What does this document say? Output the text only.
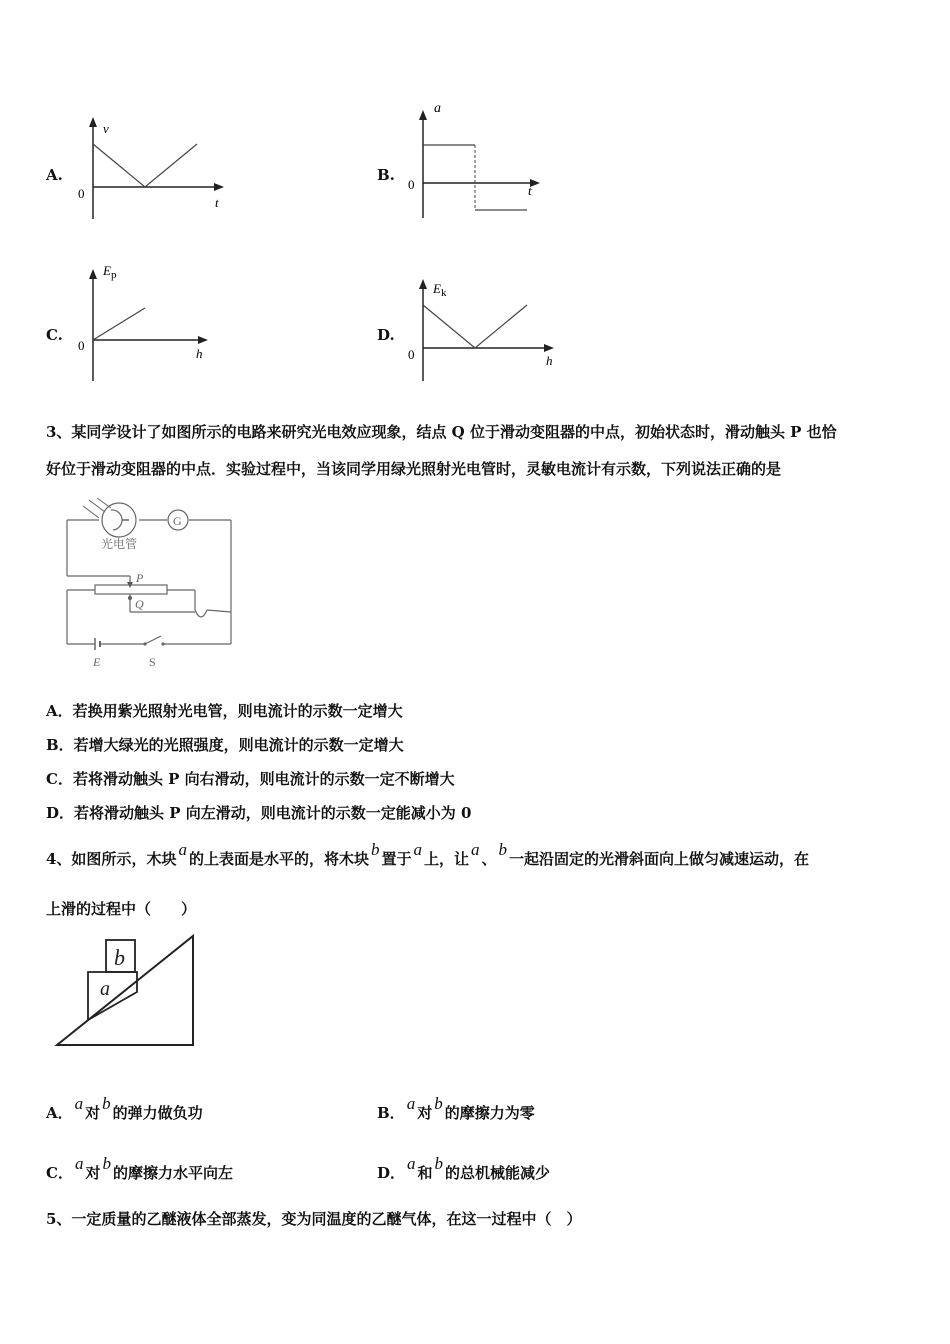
A.
v
t
0
B.
a
t
0
C.
$E_p$
h
0
D.
$E_k$
h
0
3、某同学设计了如图所示的电路来研究光电效应现象，结点 Q 位于滑动变阻器的中点，初始状态时，滑动触头 P 也恰
好位于滑动变阻器的中点．实验过程中，当该同学用绿光照射光电管时，灵敏电流计有示数，下列说法正确的是
光电管
G
P
Q
E	S
A．若换用紫光照射光电管，则电流计的示数一定增大
B．若增大绿光的光照强度，则电流计的示数一定增大
C．若将滑动触头 P 向右滑动，则电流计的示数一定不断增大
D．若将滑动触头 P 向左滑动，则电流计的示数一定能减小为 0
4、如图所示，木块 a 的上表面是水平的，将木块 b 置于 a 上，让 a 、 b 一起沿固定的光滑斜面向上做匀减速运动，在
上滑的过程中（　　）
a
b
A． a 对 b 的弹力做负功	B． a 对 b 的摩擦力为零
C． a 对 b 的摩擦力水平向左	D． a 和 b 的总机械能减少
5、一定质量的乙醚液体全部蒸发，变为同温度的乙醚气体，在这一过程中（　）
